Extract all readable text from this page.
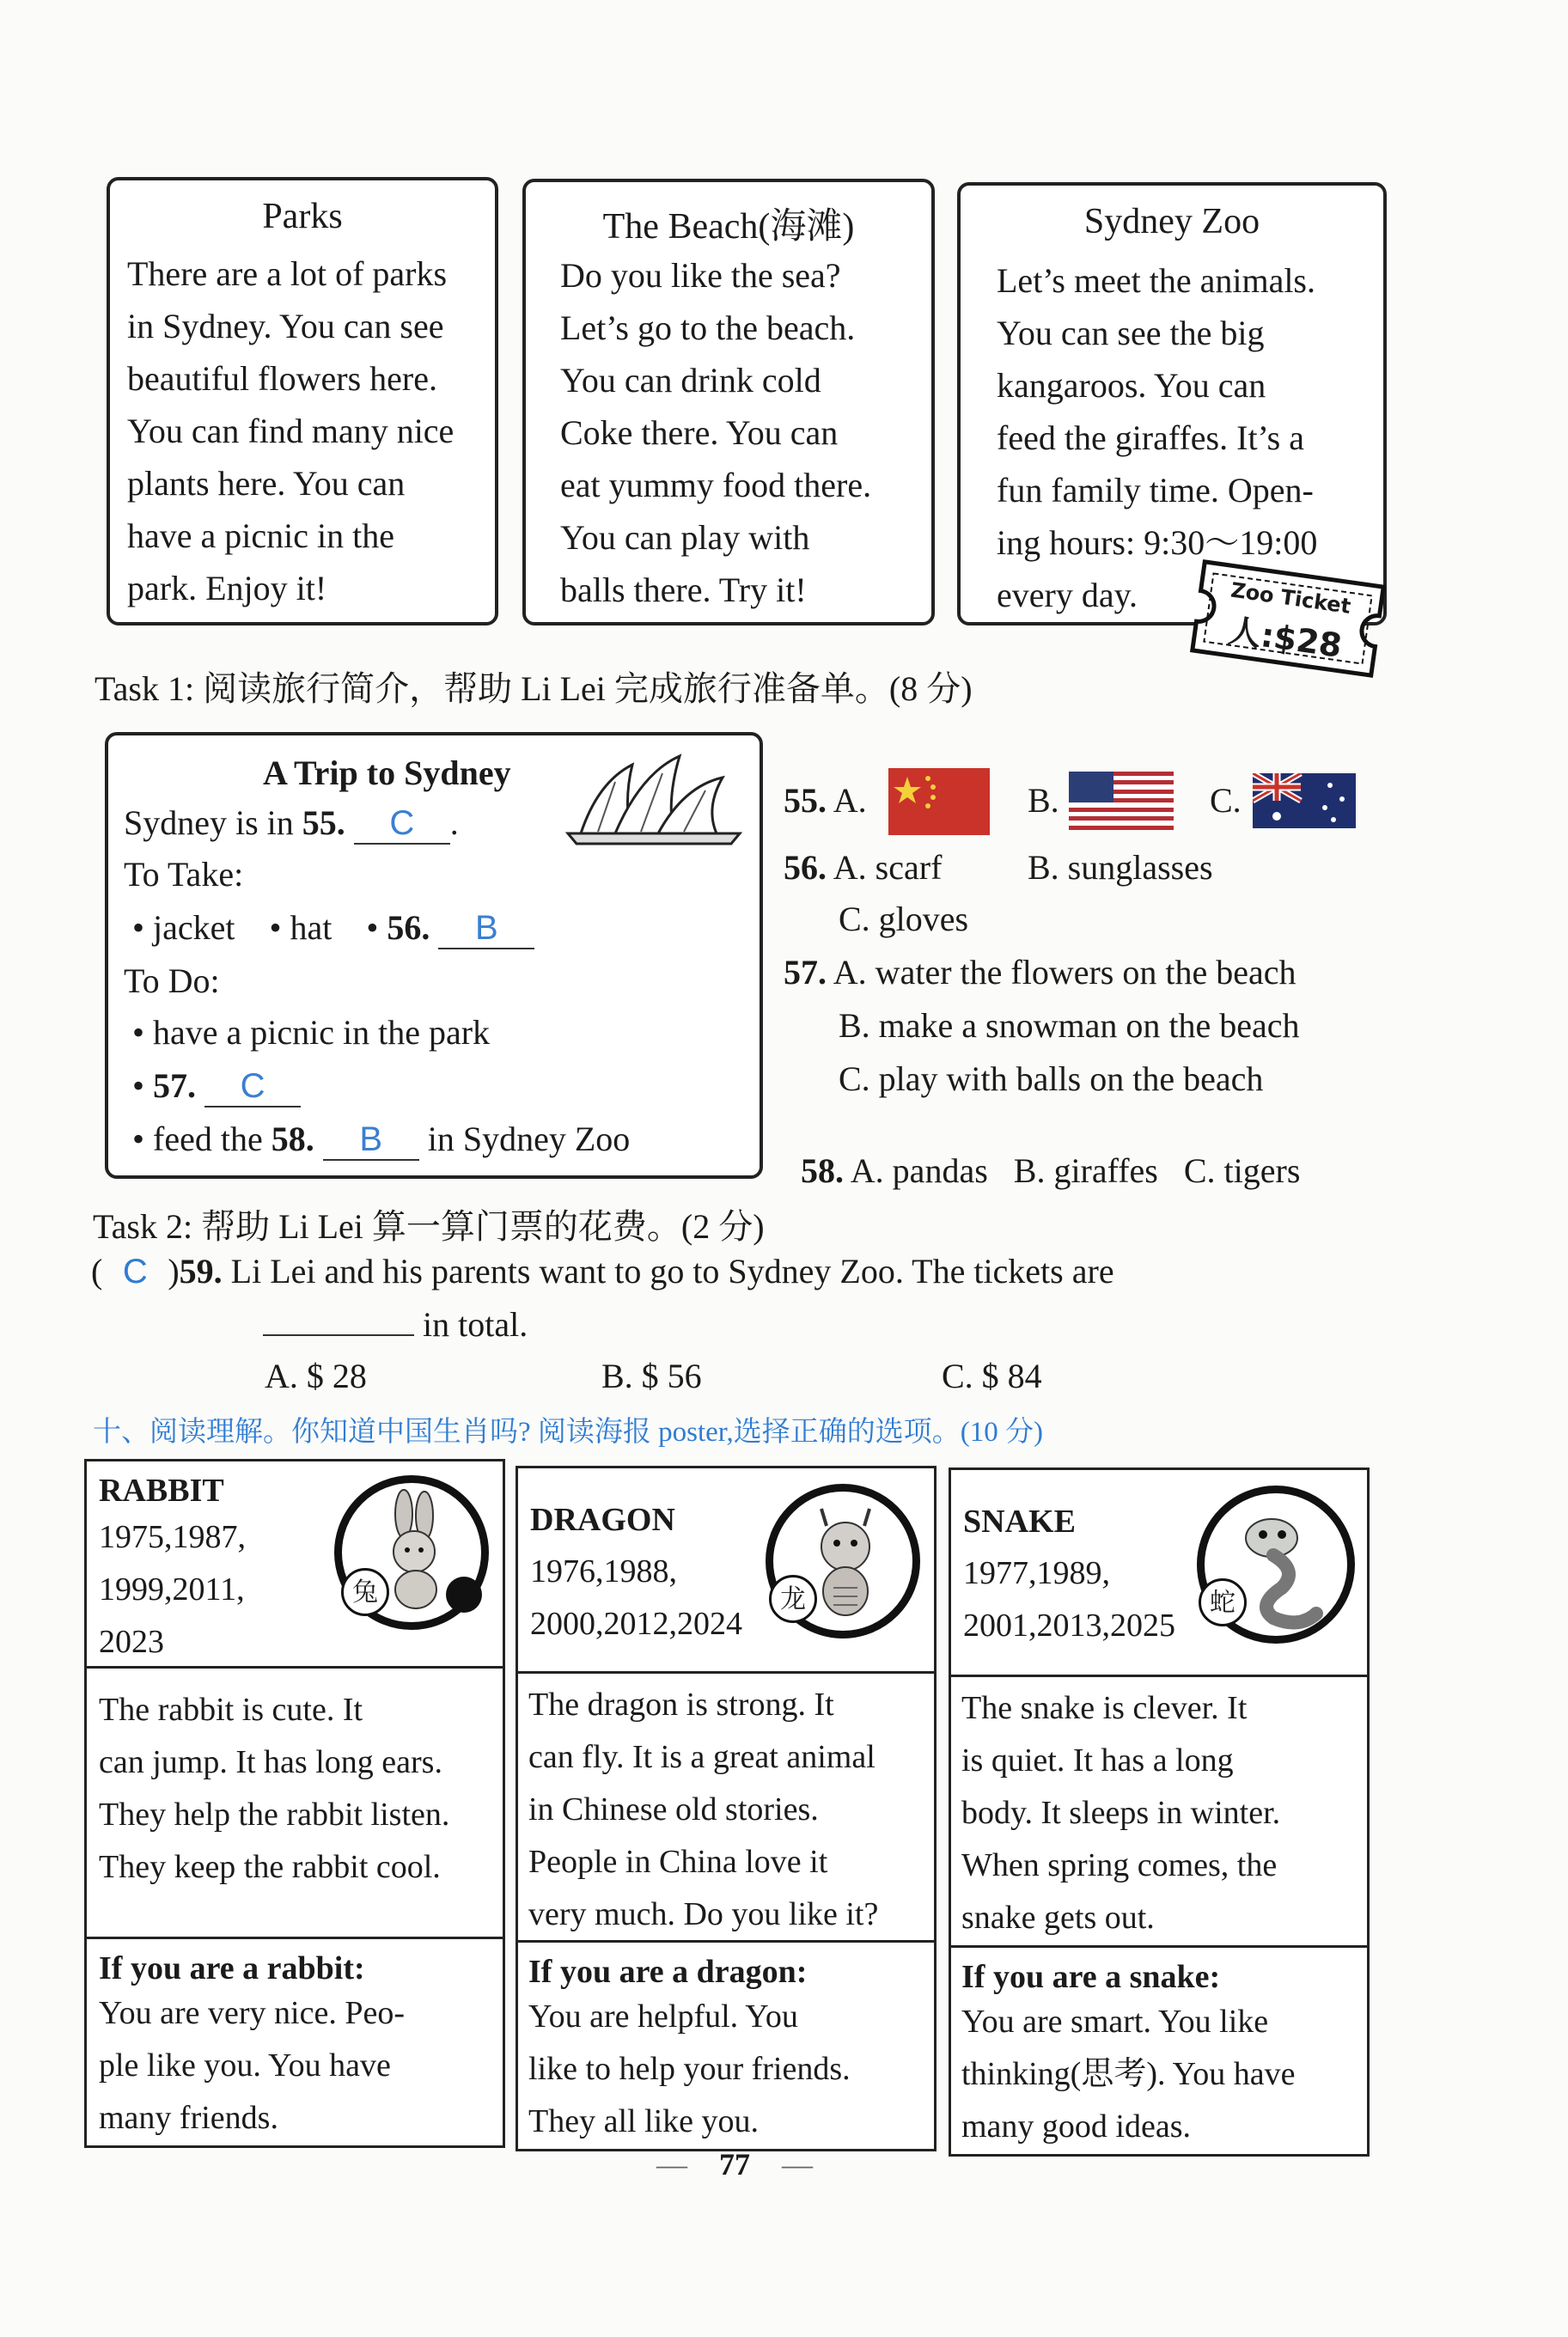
Parks
There are a lot of parks
in Sydney. You can see
beautiful flowers here.
You can find many nice
plants here. You can
have a picnic in the
park. Enjoy it!
The Beach(海滩)
Do you like the sea?
Let’s go to the beach.
You can drink cold
Coke there. You can
eat yummy food there.
You can play with
balls there. Try it!
Sydney Zoo
Let’s meet the animals.
You can see the big
kangaroos. You can
feed the giraffes. It’s a
fun family time. Open-
ing hours: 9:30～19:00
every day.	Zoo Ticket
人:$28
Task 1: 阅读旅行简介，帮助 Li Lei 完成旅行准备单。(8 分)
A Trip to Sydney
Sydney is in 55. C .
To Take:
• jacket • hat • 56. B
To Do:
• have a picnic in the park
• 57. C
• feed the 58. B in Sydney Zoo
55. A.	B.	C.
56. A. scarf B. sunglasses
C. gloves
57. A. water the flowers on the beach
B. make a snowman on the beach
C. play with balls on the beach

58. A. pandas   B. giraffes   C. tigers

Task 2: 帮助 Li Lei 算一算门票的花费。(2 分)
( C )59. Li Lei and his parents want to go to Sydney Zoo. The tickets are
in total.
A. $ 28	B. $ 56	C. $ 84
十、阅读理解。你知道中国生肖吗? 阅读海报 poster,选择正确的选项。(10 分)
RABBIT
1975,1987,
1999,2011,
2023
兔
The rabbit is cute. It
can jump. It has long ears.
They help the rabbit listen.
They keep the rabbit cool.
If you are a rabbit:
You are very nice. Peo-
ple like you. You have
many friends.
DRAGON
1976,1988,
2000,2012,2024
龙
The dragon is strong. It
can fly. It is a great animal
in Chinese old stories.
People in China love it
very much. Do you like it?
If you are a dragon:
You are helpful. You
like to help your friends.
They all like you.
SNAKE
1977,1989,
2001,2013,2025
蛇
The snake is clever. It
is quiet. It has a long
body. It sleeps in winter.
When spring comes, the
snake gets out.
If you are a snake:
You are smart. You like
thinking(思考). You have
many good ideas.
— 77 —
